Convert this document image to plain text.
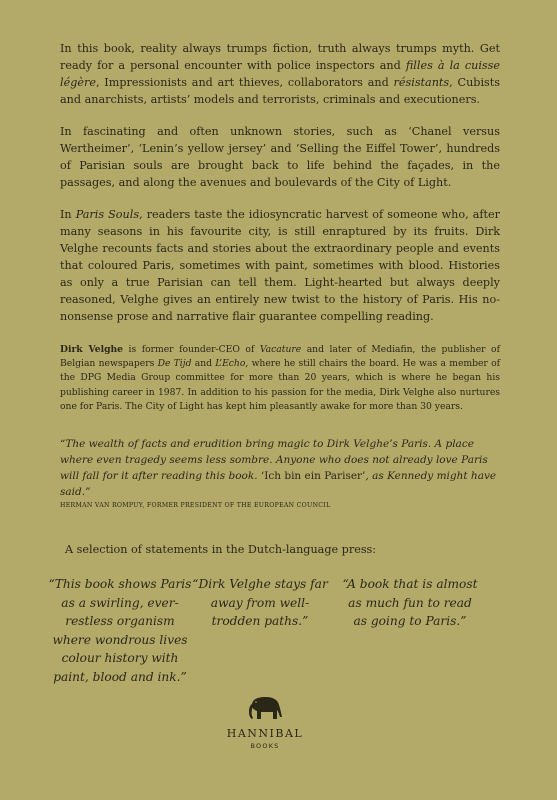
In this book, reality always trumps fiction, truth always trumps myth. Get ready for a personal encounter with police inspectors and filles à la cuisse légère, Impressionists and art thieves, collaborators and résistants, Cubists and anarchists, artists’ models and terrorists, criminals and executioners.

In fascinating and often unknown stories, such as ‘Chanel versus Wertheimer’, ‘Lenin’s yellow jersey’ and ‘Selling the Eiffel Tower’, hundreds of Parisian souls are brought back to life behind the façades, in the passages, and along the avenues and boulevards of the City of Light.

In Paris Souls, readers taste the idiosyncratic harvest of someone who, after many seasons in his favourite city, is still enraptured by its fruits. Dirk Velghe recounts facts and stories about the extraordinary people and events that coloured Paris, sometimes with paint, sometimes with blood. Histories as only a true Parisian can tell them. Light-hearted but always deeply reasoned, Velghe gives an entirely new twist to the history of Paris. His no-nonsense prose and narrative flair guarantee compelling reading.

Dirk Velghe is former founder-CEO of Vacature and later of Mediafin, the publisher of Belgian newspapers De Tijd and L’Echo, where he still chairs the board. He was a member of the DPG Media Group committee for more than 20 years, which is where he began his publishing career in 1987. In addition to his passion for the media, Dirk Velghe also nurtures one for Paris. The City of Light has kept him pleasantly awake for more than 30 years.

“The wealth of facts and erudition bring magic to Dirk Velghe’s Paris. A place where even tragedy seems less sombre. Anyone who does not already love Paris will fall for it after reading this book. ‘Ich bin ein Pariser’, as Kennedy might have said.”
HERMAN VAN ROMPUY, FORMER PRESIDENT OF THE EUROPEAN COUNCIL
A selection of statements in the Dutch-language press:
“This book shows Paris as a swirling, ever-restless organism where wondrous lives colour history with paint, blood and ink.”
“Dirk Velghe stays far away from well-trodden paths.”
“A book that is almost as much fun to read as going to Paris.”
HANNIBAL
BOOKS
